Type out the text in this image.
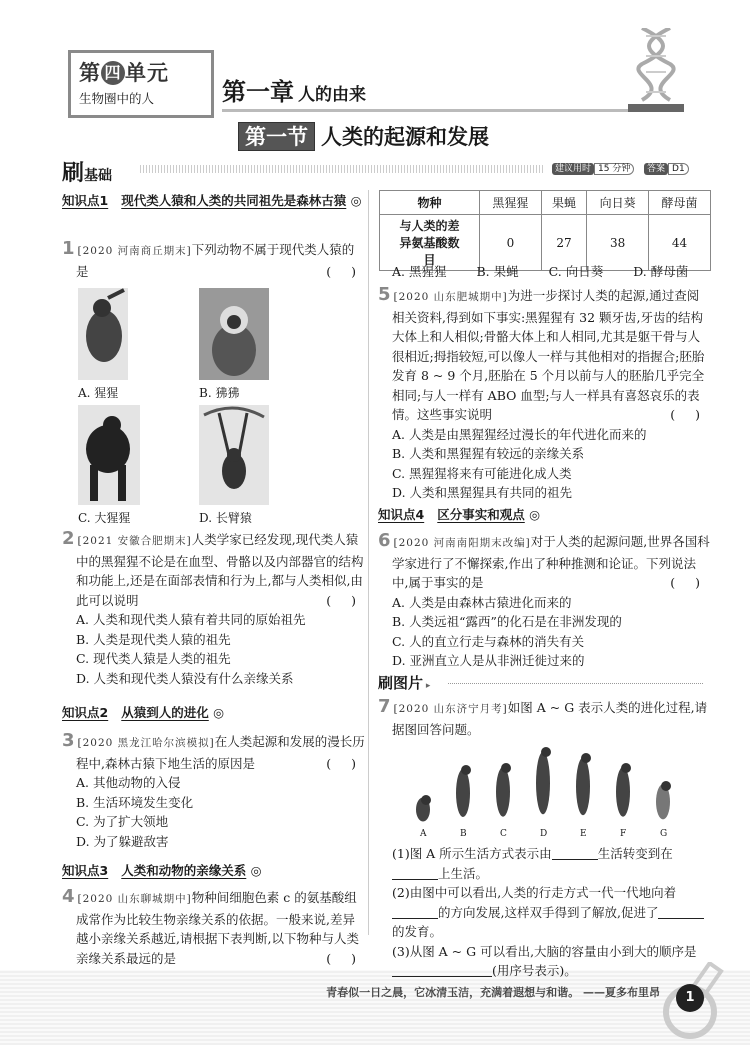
第 四 单元
生物圈中的人	第一章 人的由来
第一节 人类的起源和发展
刷基础	建议用时 15 分钟	答案 D1
知识点1 现代类人猿和人类的共同祖先是森林古猿 ◎
1 [2020 河南商丘期末]下列动物不属于现代类人猿的是	( )
A. 猩猩	B. 狒狒
C. 大猩猩	D. 长臂猿
2 [2021 安徽合肥期末]人类学家已经发现,现代类人猿中的黑猩猩不论是在血型、骨骼以及内部器官的结构和功能上,还是在面部表情和行为上,都与人类相似,由此可以说明	( )
A. 人类和现代类人猿有着共同的原始祖先
B. 人类是现代类人猿的祖先
C. 现代类人猿是人类的祖先
D. 人类和现代类人猿没有什么亲缘关系
知识点2 从猿到人的进化 ◎
3 [2020 黑龙江哈尔滨模拟]在人类起源和发展的漫长历程中,森林古猿下地生活的原因是	( )
A. 其他动物的入侵
B. 生活环境发生变化
C. 为了扩大领地
D. 为了躲避敌害
知识点3 人类和动物的亲缘关系 ◎
4 [2020 山东聊城期中]物种间细胞色素 c 的氨基酸组成常作为比较生物亲缘关系的依据。一般来说,差异越小亲缘关系越近,请根据下表判断,以下物种与人类亲缘关系最远的是	( )
物种	黑猩猩	果蝇	向日葵	酵母菌
与人类的差异氨基酸数目	0	27	38	44
A. 黑猩猩 B. 果蝇 C. 向日葵 D. 酵母菌
5 [2020 山东肥城期中]为进一步探讨人类的起源,通过查阅相关资料,得到如下事实:黑猩猩有 32 颗牙齿,牙齿的结构大体上和人相似;骨骼大体上和人相同,尤其是躯干骨与人很相近;拇指较短,可以像人一样与其他相对的指握合;胚胎发育 8 ~ 9 个月,胚胎在 5 个月以前与人的胚胎几乎完全相同;与人一样有 ABO 血型;与人一样具有喜怒哀乐的表情。这些事实说明	( )
A. 人类是由黑猩猩经过漫长的年代进化而来的
B. 人类和黑猩猩有较远的亲缘关系
C. 黑猩猩将来有可能进化成人类
D. 人类和黑猩猩具有共同的祖先
知识点4 区分事实和观点 ◎
6 [2020 河南南阳期末改编]对于人类的起源问题,世界各国科学家进行了不懈探索,作出了种种推测和论证。下列说法中,属于事实的是	( )
A. 人类是由森林古猿进化而来的
B. 人类远祖“露西”的化石是在非洲发现的
C. 人的直立行走与森林的消失有关
D. 亚洲直立人是从非洲迁徙过来的
刷图片 ▸
7 [2020 山东济宁月考]如图 A ~ G 表示人类的进化过程,请据图回答问题。
A	B	C	D	E	F	G
(1)图 A 所示生活方式表示由	生活转变到在上生活。
(2)由图中可以看出,人类的行走方式一代一代地向着的方向发展,这样双手得到了解放,促进了的发育。
(3)从图 A ~ G 可以看出,大脑的容量由小到大的顺序是(用序号表示)。
青春似一日之晨，它冰清玉洁，充满着遐想与和谐。 ——夏多布里昂	1
